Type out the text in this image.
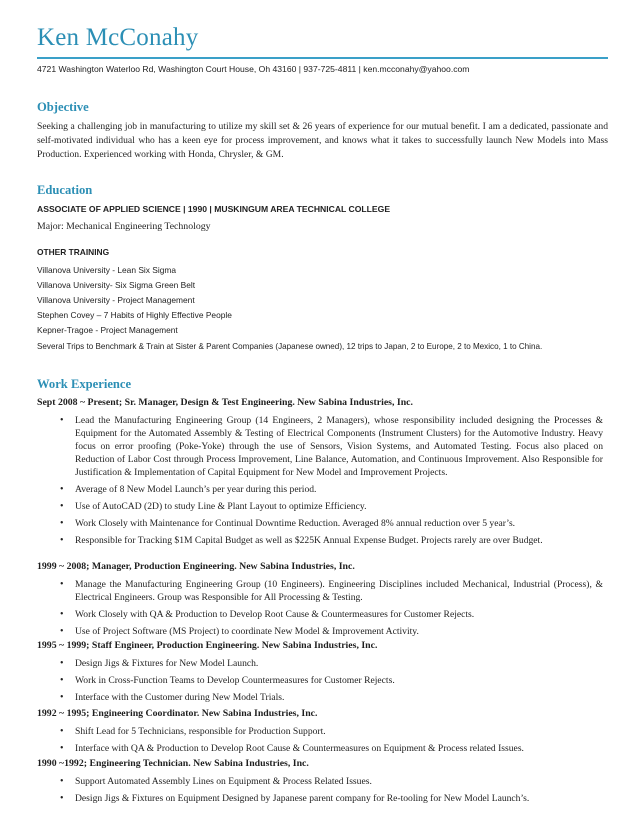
Ken McConahy
4721 Washington Waterloo Rd, Washington Court House, Oh 43160 | 937-725-4811 | ken.mcconahy@yahoo.com
Objective
Seeking a challenging job in manufacturing to utilize my skill set & 26 years of experience for our mutual benefit. I am a dedicated, passionate and self-motivated individual who has a keen eye for process improvement, and knows what it takes to successfully launch New Models into Mass Production. Experienced working with Honda, Chrysler, & GM.
Education
ASSOCIATE OF APPLIED SCIENCE | 1990 | MUSKINGUM AREA TECHNICAL COLLEGE
Major: Mechanical Engineering Technology
OTHER TRAINING
Villanova University - Lean Six Sigma
Villanova University- Six Sigma Green Belt
Villanova University - Project Management
Stephen Covey – 7 Habits of Highly Effective People
Kepner-Tragoe - Project Management
Several Trips to Benchmark & Train at Sister & Parent Companies (Japanese owned), 12 trips to Japan, 2 to Europe, 2 to Mexico, 1 to China.
Work Experience
Sept 2008 ~ Present; Sr. Manager, Design & Test Engineering. New Sabina Industries, Inc.
• Lead the Manufacturing Engineering Group (14 Engineers, 2 Managers), whose responsibility included designing the Processes & Equipment for the Automated Assembly & Testing of Electrical Components (Instrument Clusters) for the Automotive Industry. Heavy focus on error proofing (Poke-Yoke) through the use of Sensors, Vision Systems, and Automated Testing. Focus also placed on Reduction of Labor Cost through Process Improvement, Line Balance, Automation, and Continuous Improvement. Also Responsible for Justification & Implementation of Capital Equipment for New Model and Improvement Projects.
• Average of 8 New Model Launch’s per year during this period.
• Use of AutoCAD (2D) to study Line & Plant Layout to optimize Efficiency.
• Work Closely with Maintenance for Continual Downtime Reduction. Averaged 8% annual reduction over 5 year’s.
• Responsible for Tracking $1M Capital Budget as well as $225K Annual Expense Budget. Projects rarely are over Budget.
1999 ~ 2008; Manager, Production Engineering. New Sabina Industries, Inc.
• Manage the Manufacturing Engineering Group (10 Engineers). Engineering Disciplines included Mechanical, Industrial (Process), & Electrical Engineers. Group was Responsible for All Processing & Testing.
• Work Closely with QA & Production to Develop Root Cause & Countermeasures for Customer Rejects.
• Use of Project Software (MS Project) to coordinate New Model & Improvement Activity.
1995 ~ 1999; Staff Engineer, Production Engineering. New Sabina Industries, Inc.
• Design Jigs & Fixtures for New Model Launch.
• Work in Cross-Function Teams to Develop Countermeasures for Customer Rejects.
• Interface with the Customer during New Model Trials.
1992 ~ 1995; Engineering Coordinator. New Sabina Industries, Inc.
• Shift Lead for 5 Technicians, responsible for Production Support.
• Interface with QA & Production to Develop Root Cause & Countermeasures on Equipment & Process related Issues.
1990 ~1992; Engineering Technician. New Sabina Industries, Inc.
• Support Automated Assembly Lines on Equipment & Process Related Issues.
• Design Jigs & Fixtures on Equipment Designed by Japanese parent company for Re-tooling for New Model Launch’s.
